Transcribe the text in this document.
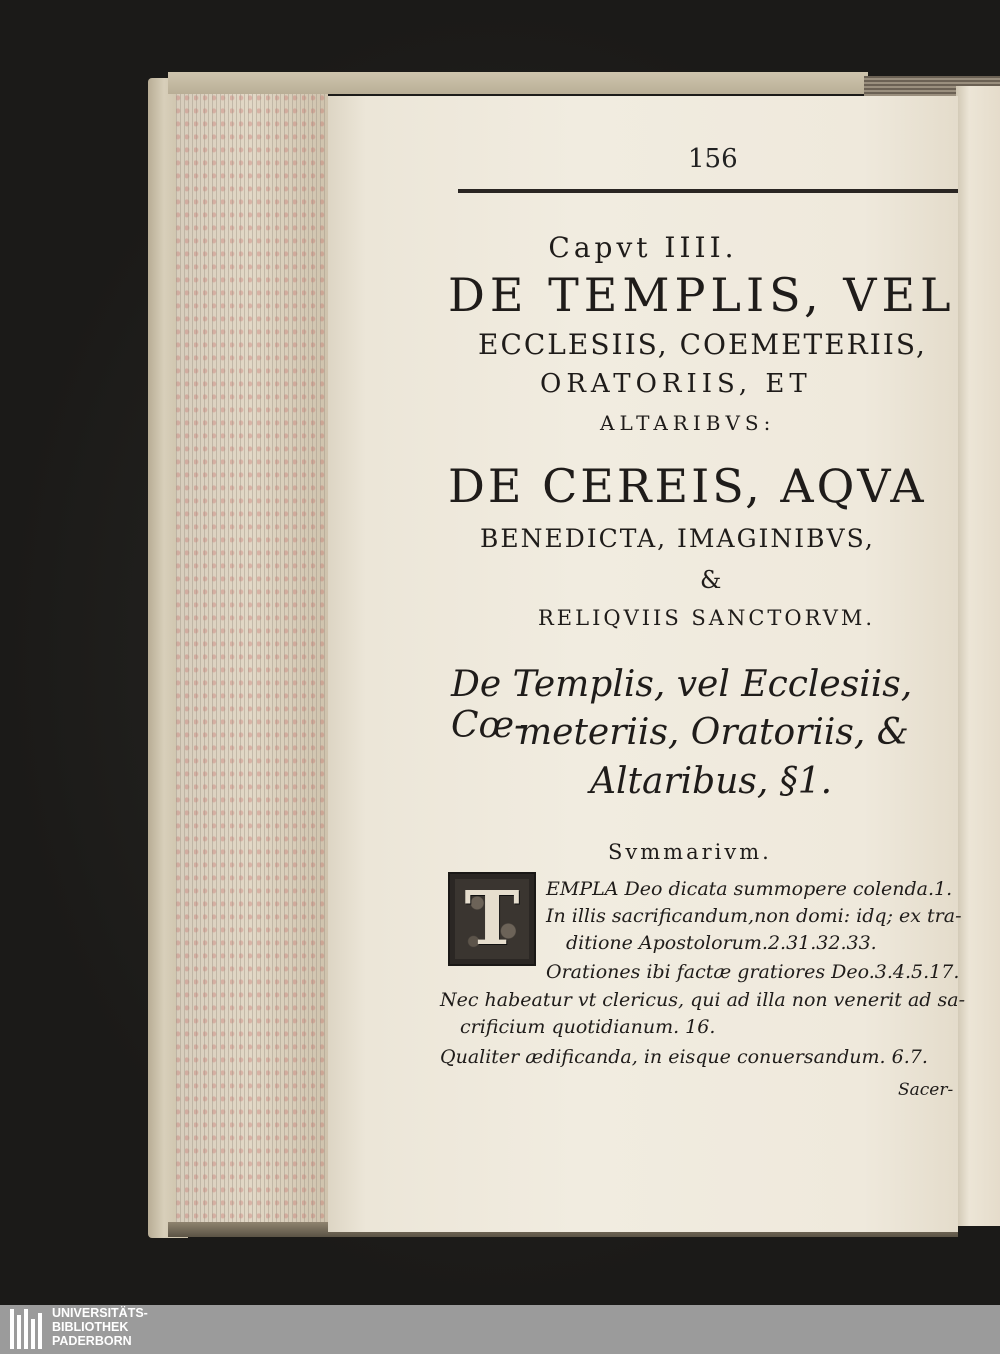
156
Capvt IIII.
DE TEMPLIS, VEL
ECCLESIIS, COEMETERIIS,
ORATORIIS, ET
ALTARIBVS:
DE CEREIS, AQVA
BENEDICTA, IMAGINIBVS,
&
RELIQVIIS SANCTORVM.
De Templis, vel Ecclesiis, Cœ-
meteriis, Oratoriis, &
Altaribus, §1.
Svmmarivm.
T	EMPLA Deo dicata summopere colenda.1.
In illis sacrificandum,non domi: idq; ex tra-
ditione Apostolorum.2.31.32.33.
Orationes ibi factæ gratiores Deo.3.4.5.17.
Nec habeatur vt clericus, qui ad illa non venerit ad sa-
crificium quotidianum. 16.
Qualiter ædificanda, in eisque conuersandum. 6.7.
Sacer-
UNIVERSITÄTS-
BIBLIOTHEK
PADERBORN
